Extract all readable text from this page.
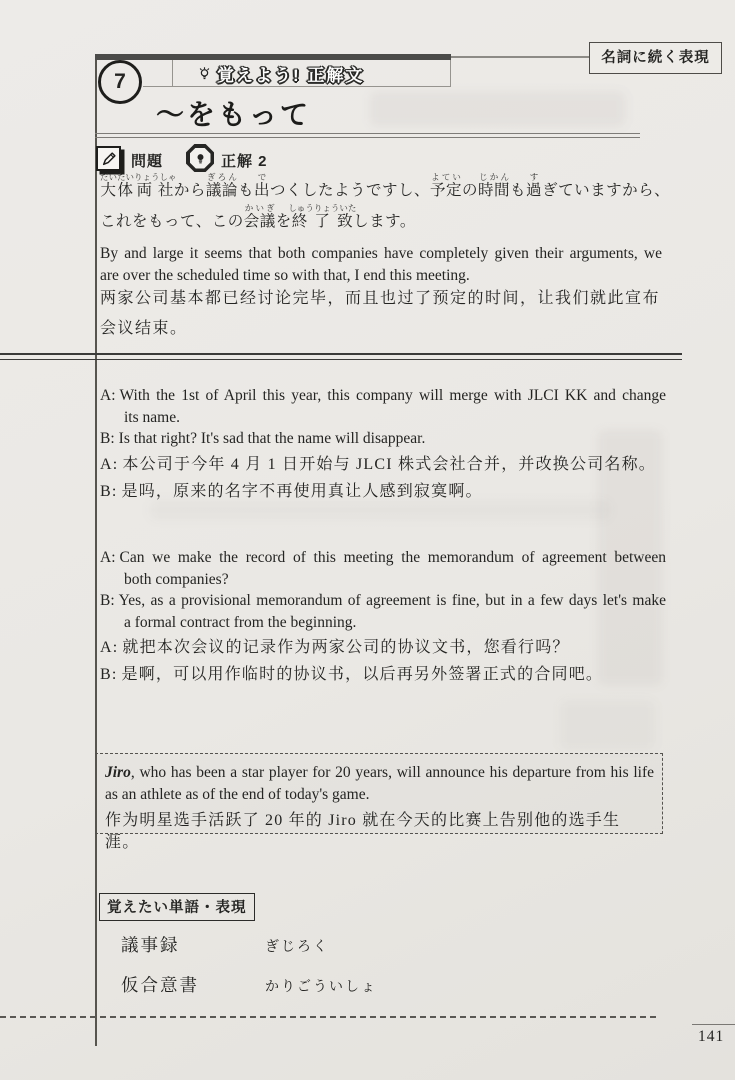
名詞に続く表現
7	覚えよう! 正解文
〜をもって
問題	正解 2
大体だいたい両社りょうしゃから議論ぎろんも出でつくしたようですし、予定よていの時間じかんも過すぎていますから、
これをもって、この会議かいぎを終了致しゅうりょういたします。
By and large it seems that both companies have completely given their arguments, we
are over the scheduled time so with that, I end this meeting.
两家公司基本都已经讨论完毕，而且也过了预定的时间，让我们就此宣布
会议结束。
A: With the 1st of April this year, this company will merge with JLCI KK and change
its name.
B: Is that right? It's sad that the name will disappear.
A: 本公司于今年 4 月 1 日开始与 JLCI 株式会社合并，并改换公司名称。
B: 是吗，原来的名字不再使用真让人感到寂寞啊。
A: Can we make the record of this meeting the memorandum of agreement between
both companies?
B: Yes, as a provisional memorandum of agreement is fine, but in a few days let's make
a formal contract from the beginning.
A: 就把本次会议的记录作为两家公司的协议文书，您看行吗？
B: 是啊，可以用作临时的协议书，以后再另外签署正式的合同吧。
Jiro, who has been a star player for 20 years, will announce his departure from his life
as an athlete as of the end of today's game.
作为明星选手活跃了 20 年的 Jiro 就在今天的比赛上告别他的选手生涯。
覚えたい単語・表現
議事録	ぎじろく
仮合意書	かりごういしょ
141
